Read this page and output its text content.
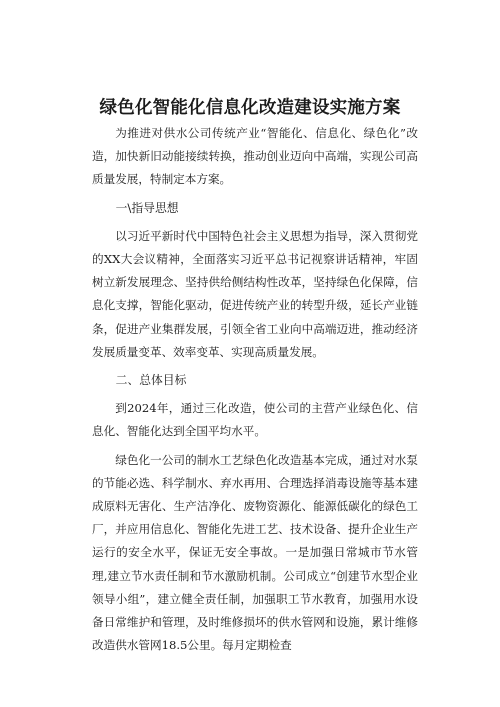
绿色化智能化信息化改造建设实施方案

为推进对供水公司传统产业“智能化、信息化、绿色化”改造，加快新旧动能接续转换，推动创业迈向中高端，实现公司高质量发展，特制定本方案。

一\指导思想

以习近平新时代中国特色社会主义思想为指导，深入贯彻党的XX大会议精神，全面落实习近平总书记视察讲话精神，牢固树立新发展理念、坚持供给侧结构性改革，坚持绿色化保障，信息化支撑，智能化驱动，促进传统产业的转型升级，延长产业链条，促进产业集群发展，引领全省工业向中高端迈进，推动经济发展质量变革、效率变革、实现高质量发展。

二、总体目标

到2024年，通过三化改造，使公司的主营产业绿色化、信息化、智能化达到全国平均水平。

绿色化一公司的制水工艺绿色化改造基本完成，通过对水泵的节能必选、科学制水、弃水再用、合理选择消毒设施等基本建成原料无害化、生产洁净化、废物资源化、能源低碳化的绿色工厂，并应用信息化、智能化先进工艺、技术设备、提升企业生产运行的安全水平，保证无安全事故。一是加强日常城市节水管理,建立节水责任制和节水激励机制。公司成立“创建节水型企业领导小组”，建立健全责任制，加强职工节水教育，加强用水设备日常维护和管理，及时维修损坏的供水管网和设施，累计维修改造供水管网18.5公里。每月定期检查
